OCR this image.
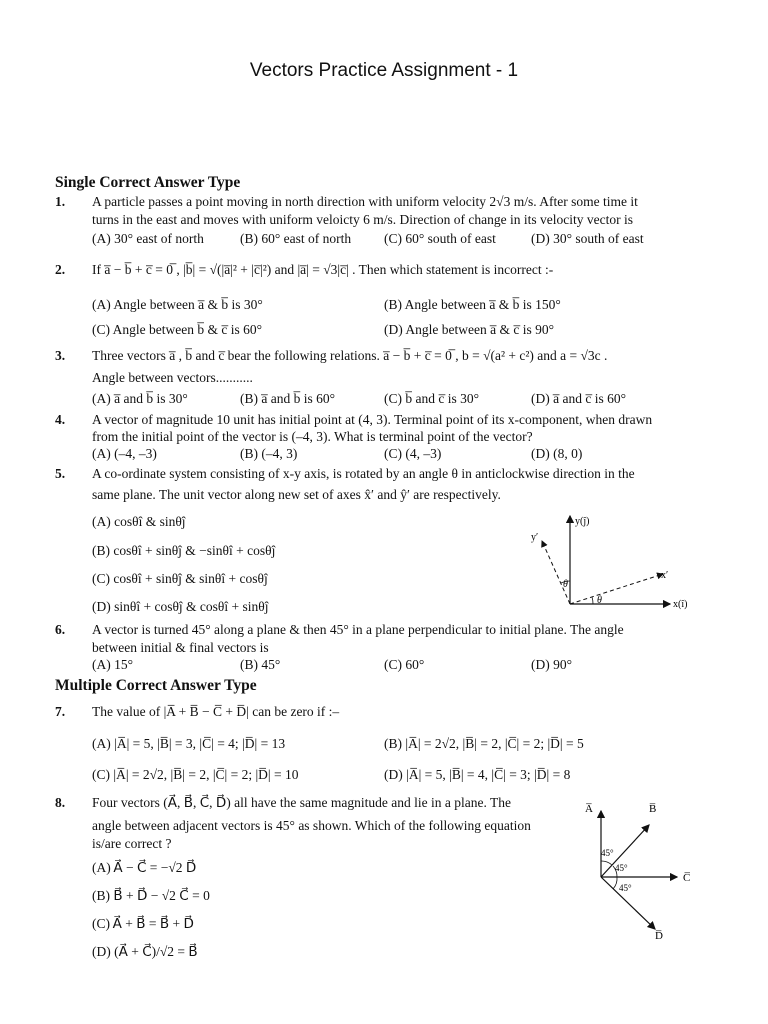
Vectors Practice Assignment - 1
Single Correct Answer Type
1. A particle passes a point moving in north direction with uniform velocity 2√3 m/s. After some time it
turns in the east and moves with uniform veloicty 6 m/s. Direction of change in its velocity vector is
(A) 30° east of north	(B) 60° east of north (C) 60° south of east	(D) 30° south of east
2. If a̅ − b̅ + c̅ = 0̅ , |b̅| = √(|a̅|² + |c̅|²) and |a̅| = √3|c̅| . Then which statement is incorrect :-
(A) Angle between a̅ & b̅ is 30°	(B) Angle between a̅ & b̅ is 150°
(C) Angle between b̅ & c̅ is 60°	(D) Angle between a̅ & c̅ is 90°
3. Three vectors a̅ , b̅ and c̅ bear the following relations. a̅ − b̅ + c̅ = 0̅ , b = √(a² + c²) and a = √3c .
Angle between vectors...........
(A) a̅ and b̅ is 30°	(B) a̅ and b̅ is 60°	(C) b̅ and c̅ is 30°	(D) a̅ and c̅ is 60°
4. A vector of magnitude 10 unit has initial point at (4, 3). Terminal point of its x-component, when drawn
from the initial point of the vector is (–4, 3). What is terminal point of the vector?
(A) (–4, –3)	(B) (–4, 3)	(C) (4, –3)	(D) (8, 0)
5. A co-ordinate system consisting of x-y axis, is rotated by an angle θ in anticlockwise direction in the
same plane. The unit vector along new set of axes x̂′ and ŷ′ are respectively.
(A) cosθî & sinθĵ
(B) cosθî + sinθĵ & −sinθî + cosθĵ
(C) cosθî + sinθĵ & sinθî + cosθĵ
(D) sinθî + cosθĵ & cosθî + sinθĵ
y(ĵ)
x(î)
y′
x′
θ
θ
6. A vector is turned 45° along a plane & then 45° in a plane perpendicular to initial plane. The angle
between initial & final vectors is
(A) 15°	(B) 45°	(C) 60°	(D) 90°
Multiple Correct Answer Type
7. The value of |A̅ + B̅ − C̅ + D̅| can be zero if :–
(A) |A̅| = 5, |B̅| = 3, |C̅| = 4; |D̅| = 13	(B) |A̅| = 2√2, |B̅| = 2, |C̅| = 2; |D̅| = 5
(C) |A̅| = 2√2, |B̅| = 2, |C̅| = 2; |D̅| = 10	(D) |A̅| = 5, |B̅| = 4, |C̅| = 3; |D̅| = 8
8. Four vectors (A⃗, B⃗, C⃗, D⃗) all have the same magnitude and lie in a plane. The
angle between adjacent vectors is 45° as shown. Which of the following equation
is/are correct ?
(A) A⃗ − C⃗ = −√2 D⃗
(B) B⃗ + D⃗ − √2 C⃗ = 0
(C) A⃗ + B⃗ = B⃗ + D⃗
(D) (A⃗ + C⃗)/√2 = B⃗
A̅	B̅
C̅
D̅
45°
45°
45°
